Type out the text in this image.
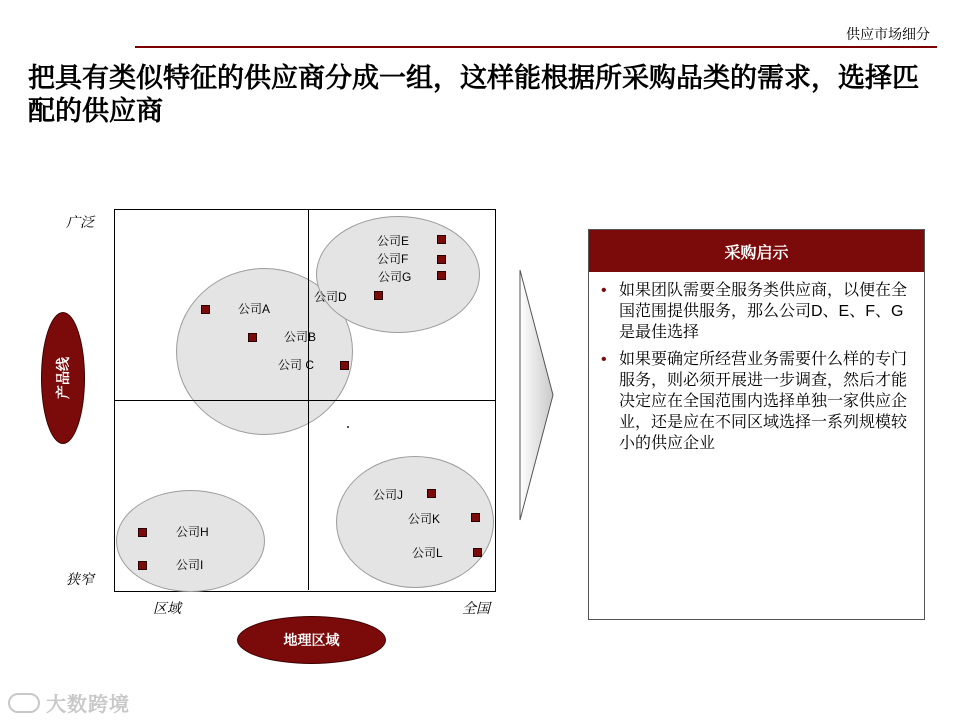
供应市场细分
把具有类似特征的供应商分成一组，这样能根据所采购品类的需求，选择匹配的供应商
公司A
公司B
公司 C
公司D
公司E
公司F
公司G
公司H
公司I
公司J
公司K
公司L
广泛
狭窄
区域	全国
产品线
地理区域
采购启示
• 如果团队需要全服务类供应商，以便在全国范围提供服务，那么公司D、E、F、G是最佳选择
• 如果要确定所经营业务需要什么样的专门服务，则必须开展进一步调查，然后才能决定应在全国范围内选择单独一家供应企业，还是应在不同区域选择一系列规模较小的供应企业
大数跨境
